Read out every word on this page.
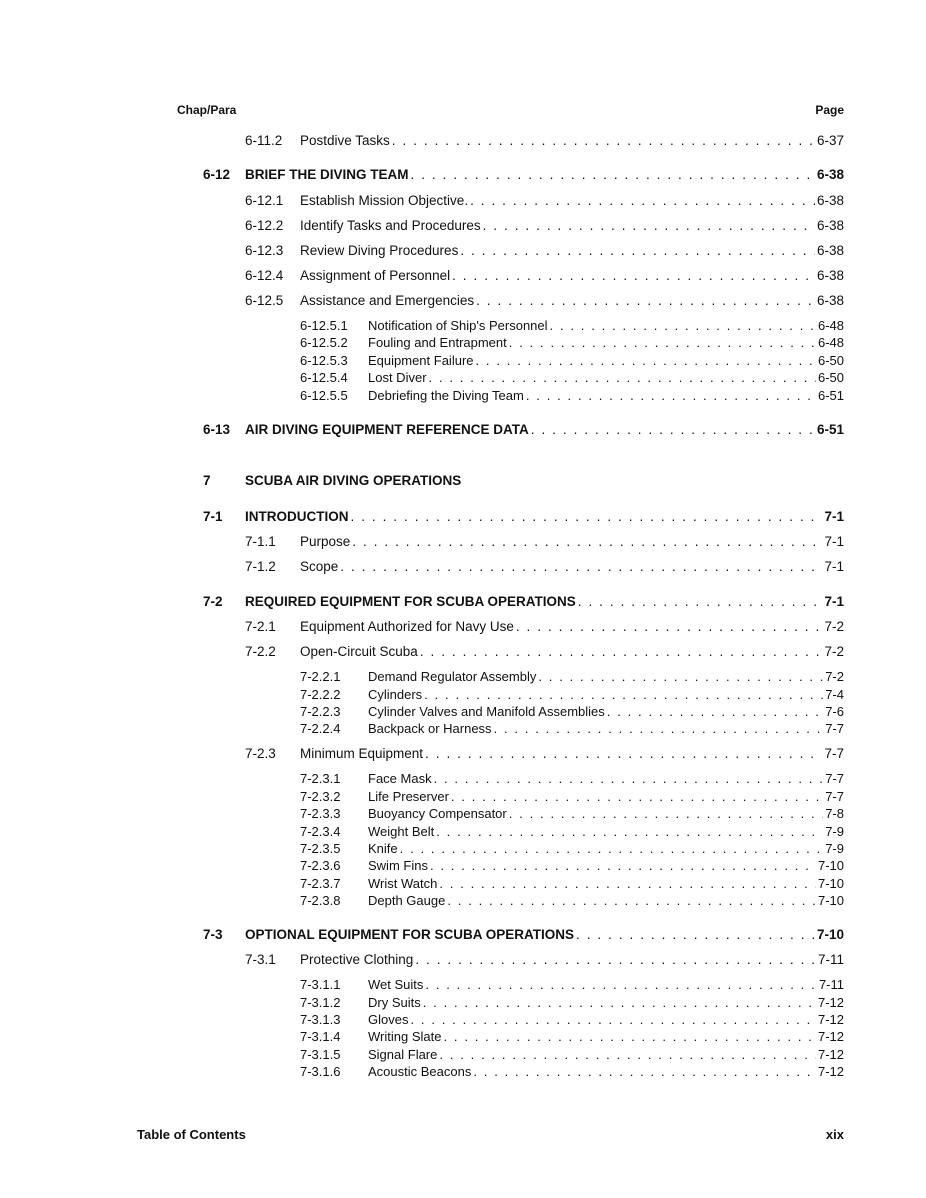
Chap/Para	Page
6-11.2 Postdive Tasks . . .	6-37
6-12 BRIEF THE DIVING TEAM . . .	6-38
6-12.1 Establish Mission Objective. . . .	6-38
6-12.2 Identify Tasks and Procedures . . .	6-38
6-12.3 Review Diving Procedures . . .	6-38
6-12.4 Assignment of Personnel . . .	6-38
6-12.5 Assistance and Emergencies . . .	6-38
6-12.5.1 Notification of Ship's Personnel . . .	6-48
6-12.5.2 Fouling and Entrapment . . .	6-48
6-12.5.3 Equipment Failure . . .	6-50
6-12.5.4 Lost Diver . . .	6-50
6-12.5.5 Debriefing the Diving Team . . .	6-51
6-13 AIR DIVING EQUIPMENT REFERENCE DATA . . .	6-51
7	SCUBA AIR DIVING OPERATIONS
7-1 INTRODUCTION . . .	7-1
7-1.1 Purpose . . .	7-1
7-1.2 Scope . . .	7-1
7-2 REQUIRED EQUIPMENT FOR SCUBA OPERATIONS . . .	7-1
7-2.1 Equipment Authorized for Navy Use . . .	7-2
7-2.2 Open-Circuit Scuba . . .	7-2
7-2.2.1 Demand Regulator Assembly . . .	7-2
7-2.2.2 Cylinders . . .	7-4
7-2.2.3 Cylinder Valves and Manifold Assemblies . . .	7-6
7-2.2.4 Backpack or Harness . . .	7-7
7-2.3 Minimum Equipment . . .	7-7
7-2.3.1 Face Mask . . .	7-7
7-2.3.2 Life Preserver . . .	7-7
7-2.3.3 Buoyancy Compensator . . .	7-8
7-2.3.4 Weight Belt . . .	7-9
7-2.3.5 Knife . . .	7-9
7-2.3.6 Swim Fins . . .	7-10
7-2.3.7 Wrist Watch . . .	7-10
7-2.3.8 Depth Gauge . . .	7-10
7-3 OPTIONAL EQUIPMENT FOR SCUBA OPERATIONS . . .	7-10
7-3.1 Protective Clothing . . .	7-11
7-3.1.1 Wet Suits . . .	7-11
7-3.1.2 Dry Suits . . .	7-12
7-3.1.3 Gloves . . .	7-12
7-3.1.4 Writing Slate . . .	7-12
7-3.1.5 Signal Flare . . .	7-12
7-3.1.6 Acoustic Beacons . . .	7-12
Table of Contents	xix
